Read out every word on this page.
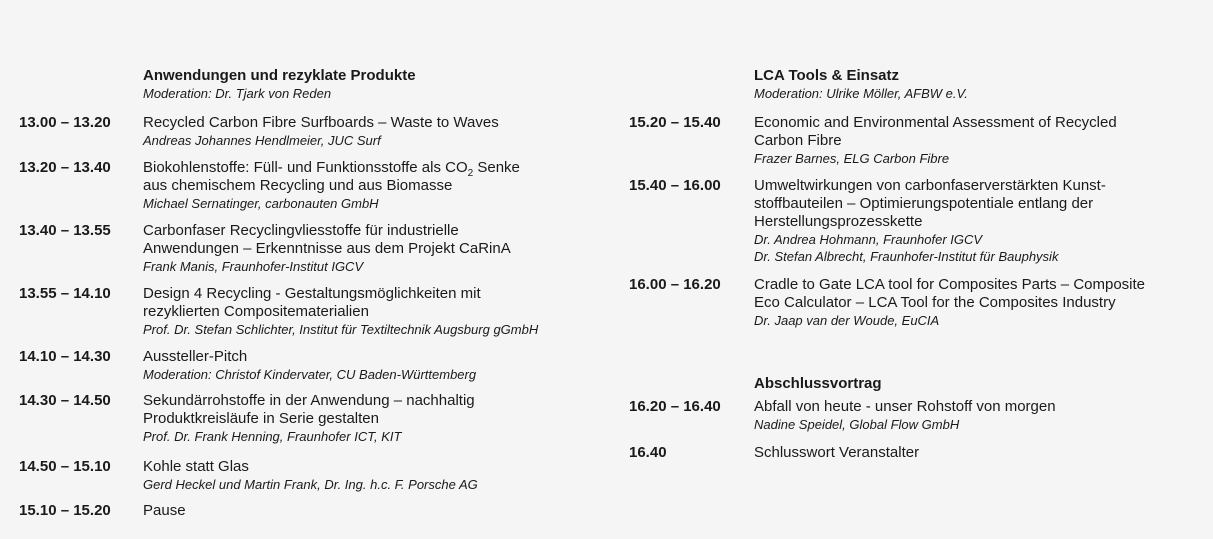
Anwendungen und rezyklate Produkte
Moderation: Dr. Tjark von Reden
13.00 – 13.20 Recycled Carbon Fibre Surfboards – Waste to Waves
Andreas Johannes Hendlmeier, JUC Surf
13.20 – 13.40 Biokohlenstoffe: Füll- und Funktionsstoffe als $CO_2$ Senke
aus chemischem Recycling und aus Biomasse
Michael Sernatinger, carbonauten GmbH
13.40 – 13.55 Carbonfaser Recyclingvliesstoffe für industrielle
Anwendungen – Erkenntnisse aus dem Projekt CaRinA
Frank Manis, Fraunhofer-Institut IGCV
13.55 – 14.10 Design 4 Recycling - Gestaltungsmöglichkeiten mit
rezyklierten Compositematerialien
Prof. Dr. Stefan Schlichter, Institut für Textiltechnik Augsburg gGmbH
14.10 – 14.30 Aussteller-Pitch
Moderation: Christof Kindervater, CU Baden-Württemberg
14.30 – 14.50 Sekundärrohstoffe in der Anwendung – nachhaltig
Produktkreisläufe in Serie gestalten
Prof. Dr. Frank Henning, Fraunhofer ICT, KIT
14.50 – 15.10 Kohle statt Glas
Gerd Heckel und Martin Frank, Dr. Ing. h.c. F. Porsche AG
15.10 – 15.20 Pause
LCA Tools & Einsatz
Moderation: Ulrike Möller, AFBW e.V.
15.20 – 15.40 Economic and Environmental Assessment of Recycled
Carbon Fibre
Frazer Barnes, ELG Carbon Fibre
15.40 – 16.00 Umweltwirkungen von carbonfaserverstärkten Kunst-
stoffbauteilen – Optimierungspotentiale entlang der
Herstellungsprozesskette
Dr. Andrea Hohmann, Fraunhofer IGCV
Dr. Stefan Albrecht, Fraunhofer-Institut für Bauphysik
16.00 – 16.20 Cradle to Gate LCA tool for Composites Parts – Composite
Eco Calculator – LCA Tool for the Composites Industry
Dr. Jaap van der Woude, EuCIA
Abschlussvortrag
16.20 – 16.40 Abfall von heute - unser Rohstoff von morgen
Nadine Speidel, Global Flow GmbH
16.40	Schlusswort Veranstalter
